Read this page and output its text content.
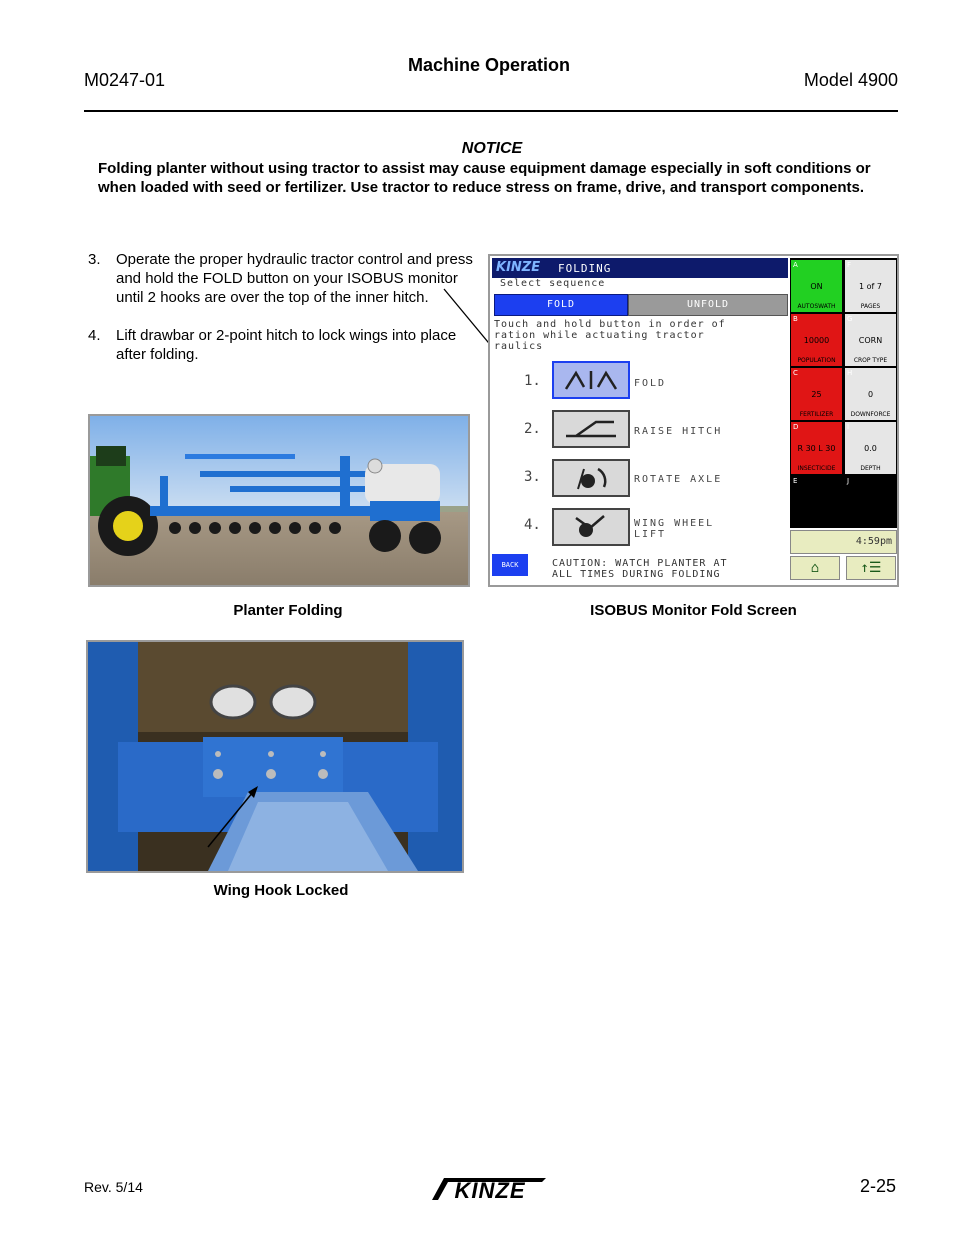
M0247-01
Machine Operation
Model 4900
NOTICE
Folding planter without using tractor to assist may cause equipment damage especially in soft conditions or when loaded with seed or fertilizer. Use tractor to reduce stress on frame, drive, and transport components.
3.	Operate the proper hydraulic tractor control and press and hold the FOLD button on your ISOBUS monitor until 2 hooks are over the top of the inner hitch.
4.	Lift drawbar or 2-point hitch to lock wings into place after folding.
Planter Folding
KINZE FOLDING
Select sequence
FOLD	UNFOLD
Touch and hold button in order of
ration while actuating tractor
raulics
1.	FOLD
2.	RAISE HITCH
3.	ROTATE AXLE
4.	WING WHEEL
LIFT
BACK	CAUTION: WATCH PLANTER AT
ALL TIMES DURING FOLDING
A
ON
AUTOSWATH
F
1 of 7
PAGES
B
10000
POPULATION
G
CORN
CROP TYPE
C
25
FERTILIZER
H
0
DOWNFORCE
D
R 30 L 30
INSECTICIDE
I
0.0
DEPTH
E	J
4:59pm
⌂	↑☰
ISOBUS Monitor Fold Screen
Wing Hook Locked
Rev. 5/14	KINZE	2-25
